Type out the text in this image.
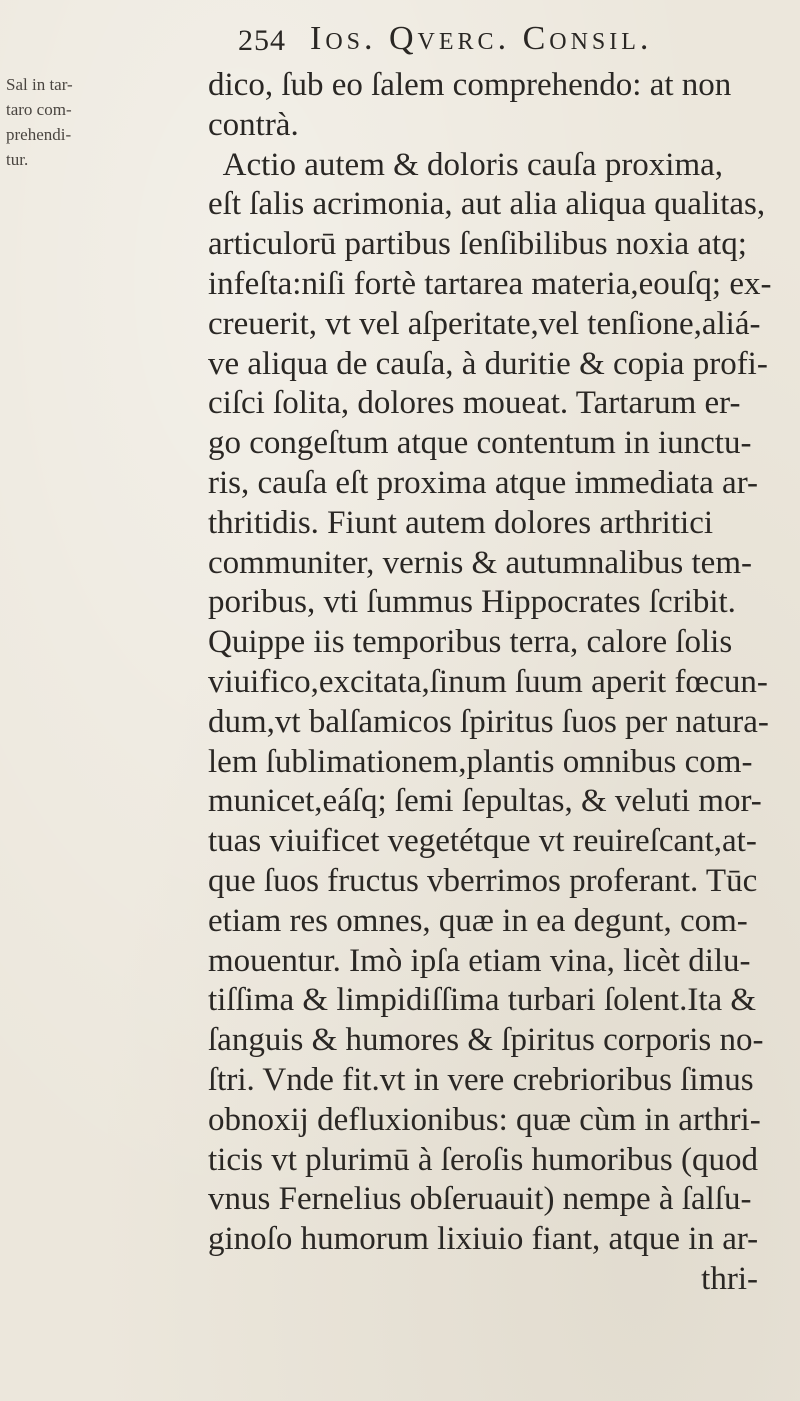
254 Ios. Qverc. Consil.
Sal in tar-
taro com-
prehendi-
tur.
dico, ſub eo ſalem comprehendo: at non
contrà.
Actio autem & doloris cauſa proxima,
eſt ſalis acrimonia, aut alia aliqua qualitas,
articulorū partibus ſenſibilibus noxia atq;
infeſta:niſi fortè tartarea materia,eouſq; ex-
creuerit, vt vel aſperitate,vel tenſione,aliá-
ve aliqua de cauſa, à duritie & copia profi-
ciſci ſolita, dolores moueat. Tartarum er-
go congeſtum atque contentum in iunctu-
ris, cauſa eſt proxima atque immediata ar-
thritidis. Fiunt autem dolores arthritici
communiter, vernis & autumnalibus tem-
poribus, vti ſummus Hippocrates ſcribit.
Quippe iis temporibus terra, calore ſolis
viuifico,excitata,ſinum ſuum aperit fœcun-
dum,vt balſamicos ſpiritus ſuos per natura-
lem ſublimationem,plantis omnibus com-
municet,eáſq; ſemi ſepultas, & veluti mor-
tuas viuificet vegetétque vt reuireſcant,at-
que ſuos fructus vberrimos proferant. Tūc
etiam res omnes, quæ in ea degunt, com-
mouentur. Imò ipſa etiam vina, licèt dilu-
tiſſima & limpidiſſima turbari ſolent.Ita &
ſanguis & humores & ſpiritus corporis no-
ſtri. Vnde fit.vt in vere crebrioribus ſimus
obnoxij defluxionibus: quæ cùm in arthri-
ticis vt plurimū à ſeroſis humoribus (quod
vnus Fernelius obſeruauit) nempe à ſalſu-
ginoſo humorum lixiuio fiant, atque in ar-
thri-
